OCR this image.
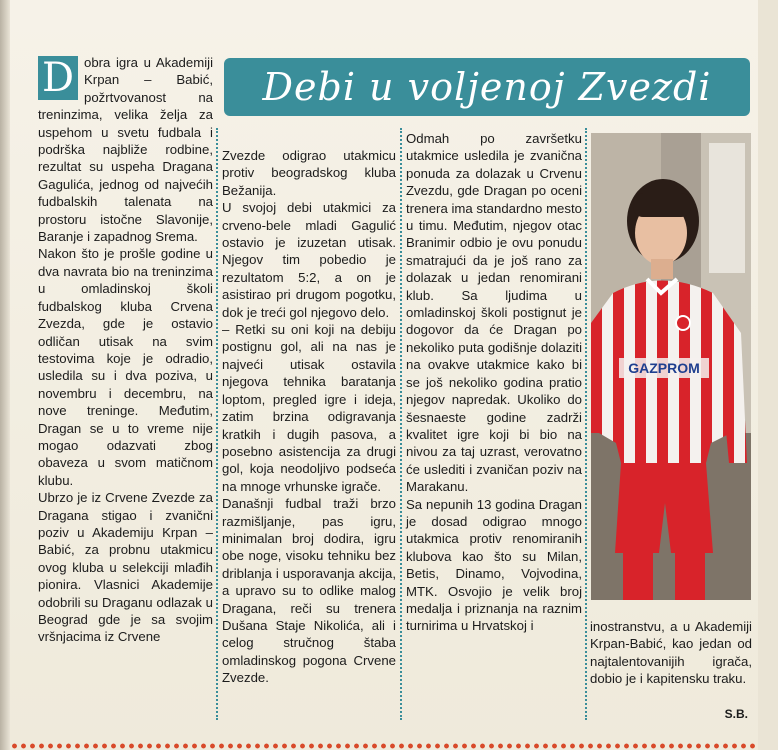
Debi u voljenoj Zvezdi
D obra igra u Akademiji Krpan – Babić, požrtvovanost na treninzima, velika želja za uspehom u svetu fudbala i podrška najbliže rodbine, rezultat su uspeha Dragana Gagulića, jednog od najvećih fudbalskih talenata na prostoru istočne Slavonije, Baranje i zapadnog Srema.
Nakon što je prošle godine u dva navrata bio na treninzima u omladinskoj školi fudbalskog kluba Crvena Zvezda, gde je ostavio odličan utisak na svim testovima koje je odradio, usledila su i dva poziva, u novembru i decembru, na nove treninge. Međutim, Dragan se u to vreme nije mogao odazvati zbog obaveza u svom matičnom klubu.
Ubrzo je iz Crvene Zvezde za Dragana stigao i zvanični poziv u Akademiju Krpan – Babić, za probnu utakmicu ovog kluba u selekciji mlađih pionira. Vlasnici Akademije odobrili su Draganu odlazak u Beograd gde je sa svojim vršnjacima iz Crvene
Zvezde odigrao utakmicu protiv beogradskog kluba Bežanija.
U svojoj debi utakmici za crveno-bele mladi Gagulić ostavio je izuzetan utisak. Njegov tim pobedio je rezultatom 5:2, a on je asistirao pri drugom pogotku, dok je treći gol njegovo delo.
– Retki su oni koji na debiju postignu gol, ali na nas je najveći utisak ostavila njegova tehnika baratanja loptom, pregled igre i ideja, zatim brzina odigravanja kratkih i dugih pasova, a posebno asistencija za drugi gol, koja neodoljivo podseća na mnoge vrhunske igrače.
Današnji fudbal traži brzo razmišljanje, pas igru, minimalan broj dodira, igru obe noge, visoku tehniku bez driblanja i usporavanja akcija, a upravo su to odlike malog Dragana, reči su trenera Dušana Staje Nikolića, ali i celog stručnog štaba omladinskog pogona Crvene Zvezde.
Odmah po završetku utakmice usledila je zvanična ponuda za dolazak u Crvenu Zvezdu, gde Dragan po oceni trenera ima standardno mesto u timu. Međutim, njegov otac Branimir odbio je ovu ponudu smatrajući da je još rano za dolazak u jedan renomirani klub. Sa ljudima u omladinskoj školi postignut je dogovor da će Dragan po nekoliko puta godišnje dolaziti na ovakve utakmice kako bi se još nekoliko godina pratio njegov napredak. Ukoliko do šesnaeste godine zadrži kvalitet igre koji bi bio na nivou za taj uzrast, verovatno će uslediti i zvaničan poziv na Marakanu.
Sa nepunih 13 godina Dragan je dosad odigrao mnogo utakmica protiv renomiranih klubova kao što su Milan, Betis, Dinamo, Vojvodina, MTK. Osvojio je velik broj medalja i priznanja na raznim turnirima u Hrvatskoj i
GAZPROM
inostranstvu, a u Akademiji Krpan-Babić, kao jedan od najtalentovanijih igrača, dobio je i kapitensku traku.
S.B.
